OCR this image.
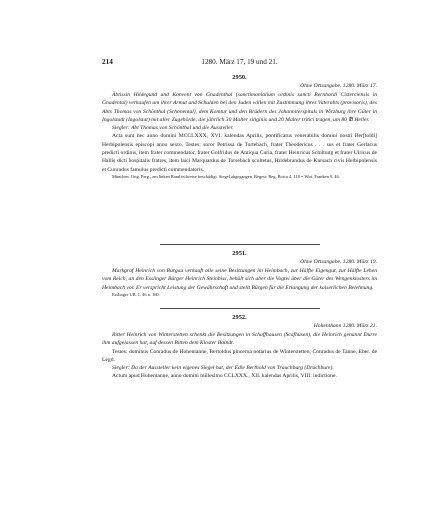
214	1280. März 17, 19 und 21.
2950.
Ohne Ortsangabe. 1280. März 17.
Äbtissin Hildegund und Konvent von Gnadenthal (sanctimonialium ordinis sancti Bernhardi Cisterciensis in Gnadental) verkaufen um ihrer Armut und Schulden bei den Juden willen mit Zustimmung ihres Vaterabts (provisoris), des Abts Thomas von Schönthal (Schonental), dem Komtur und den Brüdern des Johanniterspitals in Wirzburg ihre Güter in Ingolstadt (Ingolstat) mit aller Zugehörde, die jährlich 30 Malter siliginis und 20 Malter tritici tragen, um 80 ℔ Heller.
Siegler: Abt Thomas von Schönthal und die Aussteller.
Acta sunt hec anno domini MCCLXXX, XVI. kalendas Aprilis, pontificatus venerabilis domini nostri Ber[toldi] Herbipolensis episcopi anno sexto. Testes: soror Petrissa de Tortebach, frater Theodericus . . . sus et frater Gerlacus predicti ordinis, item frater commendator, frater Golfridus de Antiqua Curia, frater Heinricus Schiltung et frater Ulricus de Hallis dicti hospitalis fratres, item laici Marquardus de Torsebach scultetus, Hildebrandus de Kursach civis Herbipolensis et Cunradus famulus predicti commendatoris.
München. Orig. Perg., am linken Rand teilweise beschädigt. Siegel abgegangen. Regest: Reg. Boica 4, 118 = Wirt. Franken 9, 46.
2951.
Ohne Ortsangabe. 1280. März 19.
Markgraf Heinrich von Burgau verkauft alle seine Besitzungen im Heimbach, zur Hälfte Eigengut, zur Hälfte Lehen vom Reich, an den Esslinger Bürger Heinrich Steinbiss, behält sich aber die Vogtei über die Güter des Wengenklosters im Heimbach vor. Er verspricht Leistung der Gewährschaft und stellt Bürgen für die Erlangung der kaiserlichen Belehnung.
Esslinger UB. 1, 46 n. 160.
2952.
Hohenthann 1280. März 21.
Ritter Heinrich von Winterstetten schenkt die Besitzungen in Schaffhausen (Scafhusen), die Heinrich genannt Durre ihm aufgelassen hat, auf dessen Bitten dem Kloster Baindt.
Testes: dominus Conradus de Hohentanne, Bertoldus pincerna notarius de Winterstetten, Conradus de Tanne, Eber. de Legd.
Siegler: Da der Aussteller kein eigenes Siegel hat, der Edle Berthold von Trauchburg (Druchbure).
Actum apud Hohentanne, anno domini millesimo CCLXXX., XII. kalendas Aprilis, VIII. indictione.
